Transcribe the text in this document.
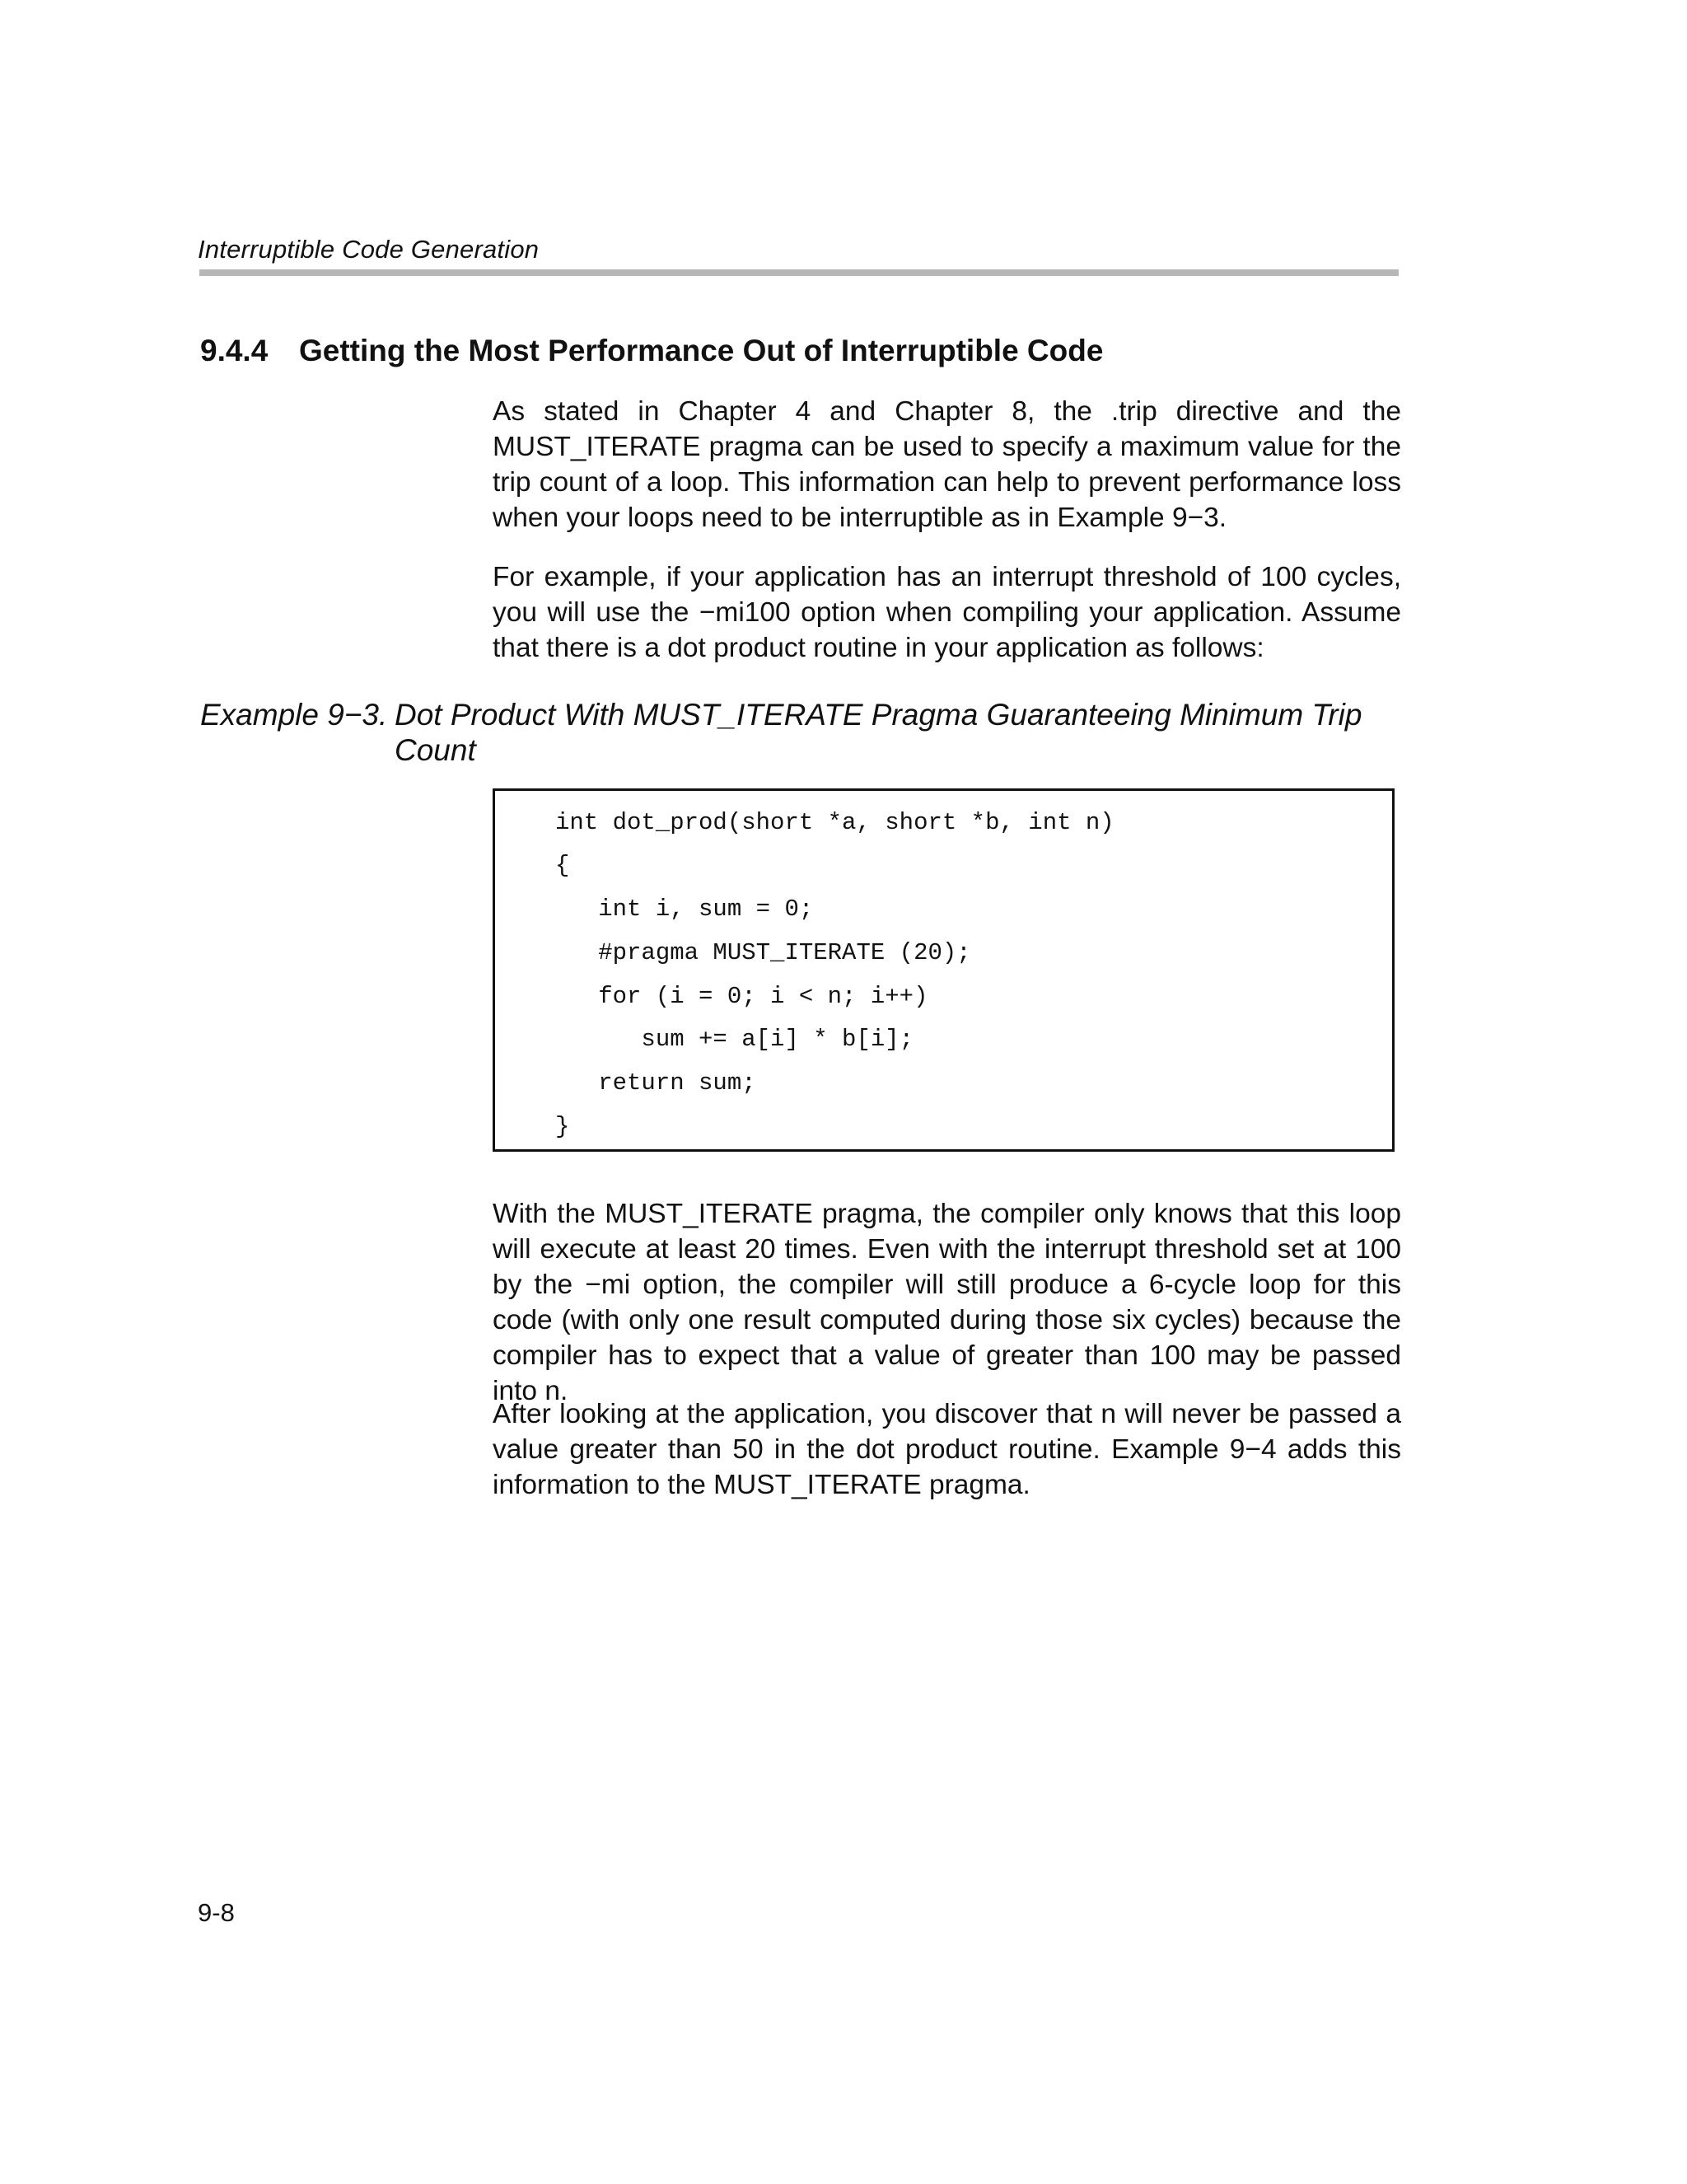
Interruptible Code Generation
9.4.4 Getting the Most Performance Out of Interruptible Code
As stated in Chapter 4 and Chapter 8, the .trip directive and the MUST_ITERATE pragma can be used to specify a maximum value for the trip count of a loop. This information can help to prevent performance loss when your loops need to be interruptible as in Example 9−3.
For example, if your application has an interrupt threshold of 100 cycles, you will use the −mi100 option when compiling your application. Assume that there is a dot product routine in your application as follows:
Example 9−3. Dot Product With MUST_ITERATE Pragma Guaranteeing Minimum Trip Count
int dot_prod(short *a, short *b, int n)
{
int i, sum = 0;
#pragma MUST_ITERATE (20);
for (i = 0; i < n; i++)
sum += a[i] * b[i];
return sum;
}
With the MUST_ITERATE pragma, the compiler only knows that this loop will execute at least 20 times. Even with the interrupt threshold set at 100 by the −mi option, the compiler will still produce a 6-cycle loop for this code (with only one result computed during those six cycles) because the compiler has to expect that a value of greater than 100 may be passed into n.
After looking at the application, you discover that n will never be passed a value greater than 50 in the dot product routine. Example 9−4 adds this information to the MUST_ITERATE pragma.
9-8
